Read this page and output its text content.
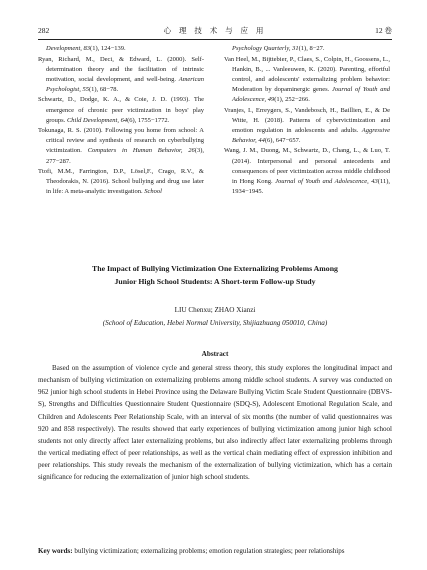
282	心 理 技 术 与 应 用	12 卷

Development, 83(1), 124−139.

Ryan, Richard, M., Deci, & Edward, L. (2000). Self-determination theory and the facilitation of intrinsic motivation, social development, and well-being. American Psychologist, 55(1), 68−78.

Schwartz, D., Dodge, K. A., & Coie, J. D. (1993). The emergence of chronic peer victimization in boys' play groups. Child Development, 64(6), 1755−1772.

Tokunaga, R. S. (2010). Following you home from school: A critical review and synthesis of research on cyberbullying victimization. Computers in Human Behavior, 26(3), 277−287.

Ttofi, M.M., Farrington, D.P., Lösel,F., Crago, R.V., & Theodorakis, N. (2016). School bullying and drug use later in life: A meta-analytic investigation. School

Psychology Quarterly, 31(1), 8−27.

Van Heel, M., Bijttebier, P., Claes, S., Colpin, H., Goossens, L., Hankin, B., ... Vanleeuwen, K. (2020). Parenting, effortful control, and adolescents' externalizing problem behavior: Moderation by dopaminergic genes. Journal of Youth and Adolescence, 49(1), 252−266.

Vranjes, I., Erreygers, S., Vandebosch, H., Baillien, E., & De Witte, H. (2018). Patterns of cybervictimization and emotion regulation in adolescents and adults. Aggressive Behavior, 44(6), 647−657.

Wang, J. M., Duong, M., Schwartz, D., Chang, L., & Luo, T. (2014). Interpersonal and personal antecedents and consequences of peer victimization across middle childhood in Hong Kong. Journal of Youth and Adolescence, 43(11), 1934−1945.

The Impact of Bullying Victimization One Externalizing Problems Among
Junior High School Students: A Short-term Follow-up Study
LIU Chenxu; ZHAO Xianzi
(School of Education, Hebei Normal University, Shijiazhuang 050010, China)
Abstract

Based on the assumption of violence cycle and general stress theory, this study explores the longitudinal impact and mechanism of bullying victimization on externalizing problems among middle school students. A survey was conducted on 962 junior high school students in Hebei Province using the Delaware Bullying Victim Scale Student Questionnaire (DBVS-S), Strengths and Difficulties Questionnaire Student Questionnaire (SDQ-S), Adolescent Emotional Regulation Scale, and Children and Adolescents Peer Relationship Scale, with an interval of six months (the number of valid questionnaires was 920 and 858 respectively). The results showed that early experiences of bullying victimization among junior high school students not only directly affect later externalizing problems, but also indirectly affect later externalizing problems through the vertical mediating effect of peer relationships, as well as the vertical chain mediating effect of expression inhibition and peer relationships. This study reveals the mechanism of the externalization of bullying victimization, which has a certain significance for reducing the externalization of junior high school students.

Key words: bullying victimization; externalizing problems; emotion regulation strategies; peer relationships
